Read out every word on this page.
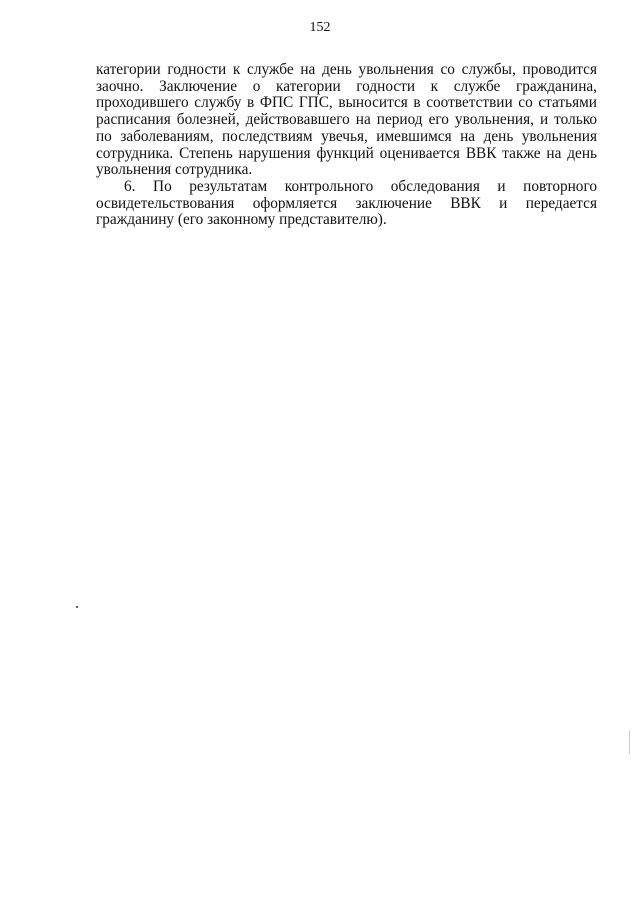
152

категории годности к службе на день увольнения со службы, проводится заочно. Заключение о категории годности к службе гражданина, проходившего службу в ФПС ГПС, выносится в соответствии со статьями расписания болезней, действовавшего на период его увольнения, и только по заболеваниям, последствиям увечья, имевшимся на день увольнения сотрудника. Степень нарушения функций оценивается ВВК также на день увольнения сотрудника.

6. По результатам контрольного обследования и повторного освидетельствования оформляется заключение ВВК и передается гражданину (его законному представителю).
